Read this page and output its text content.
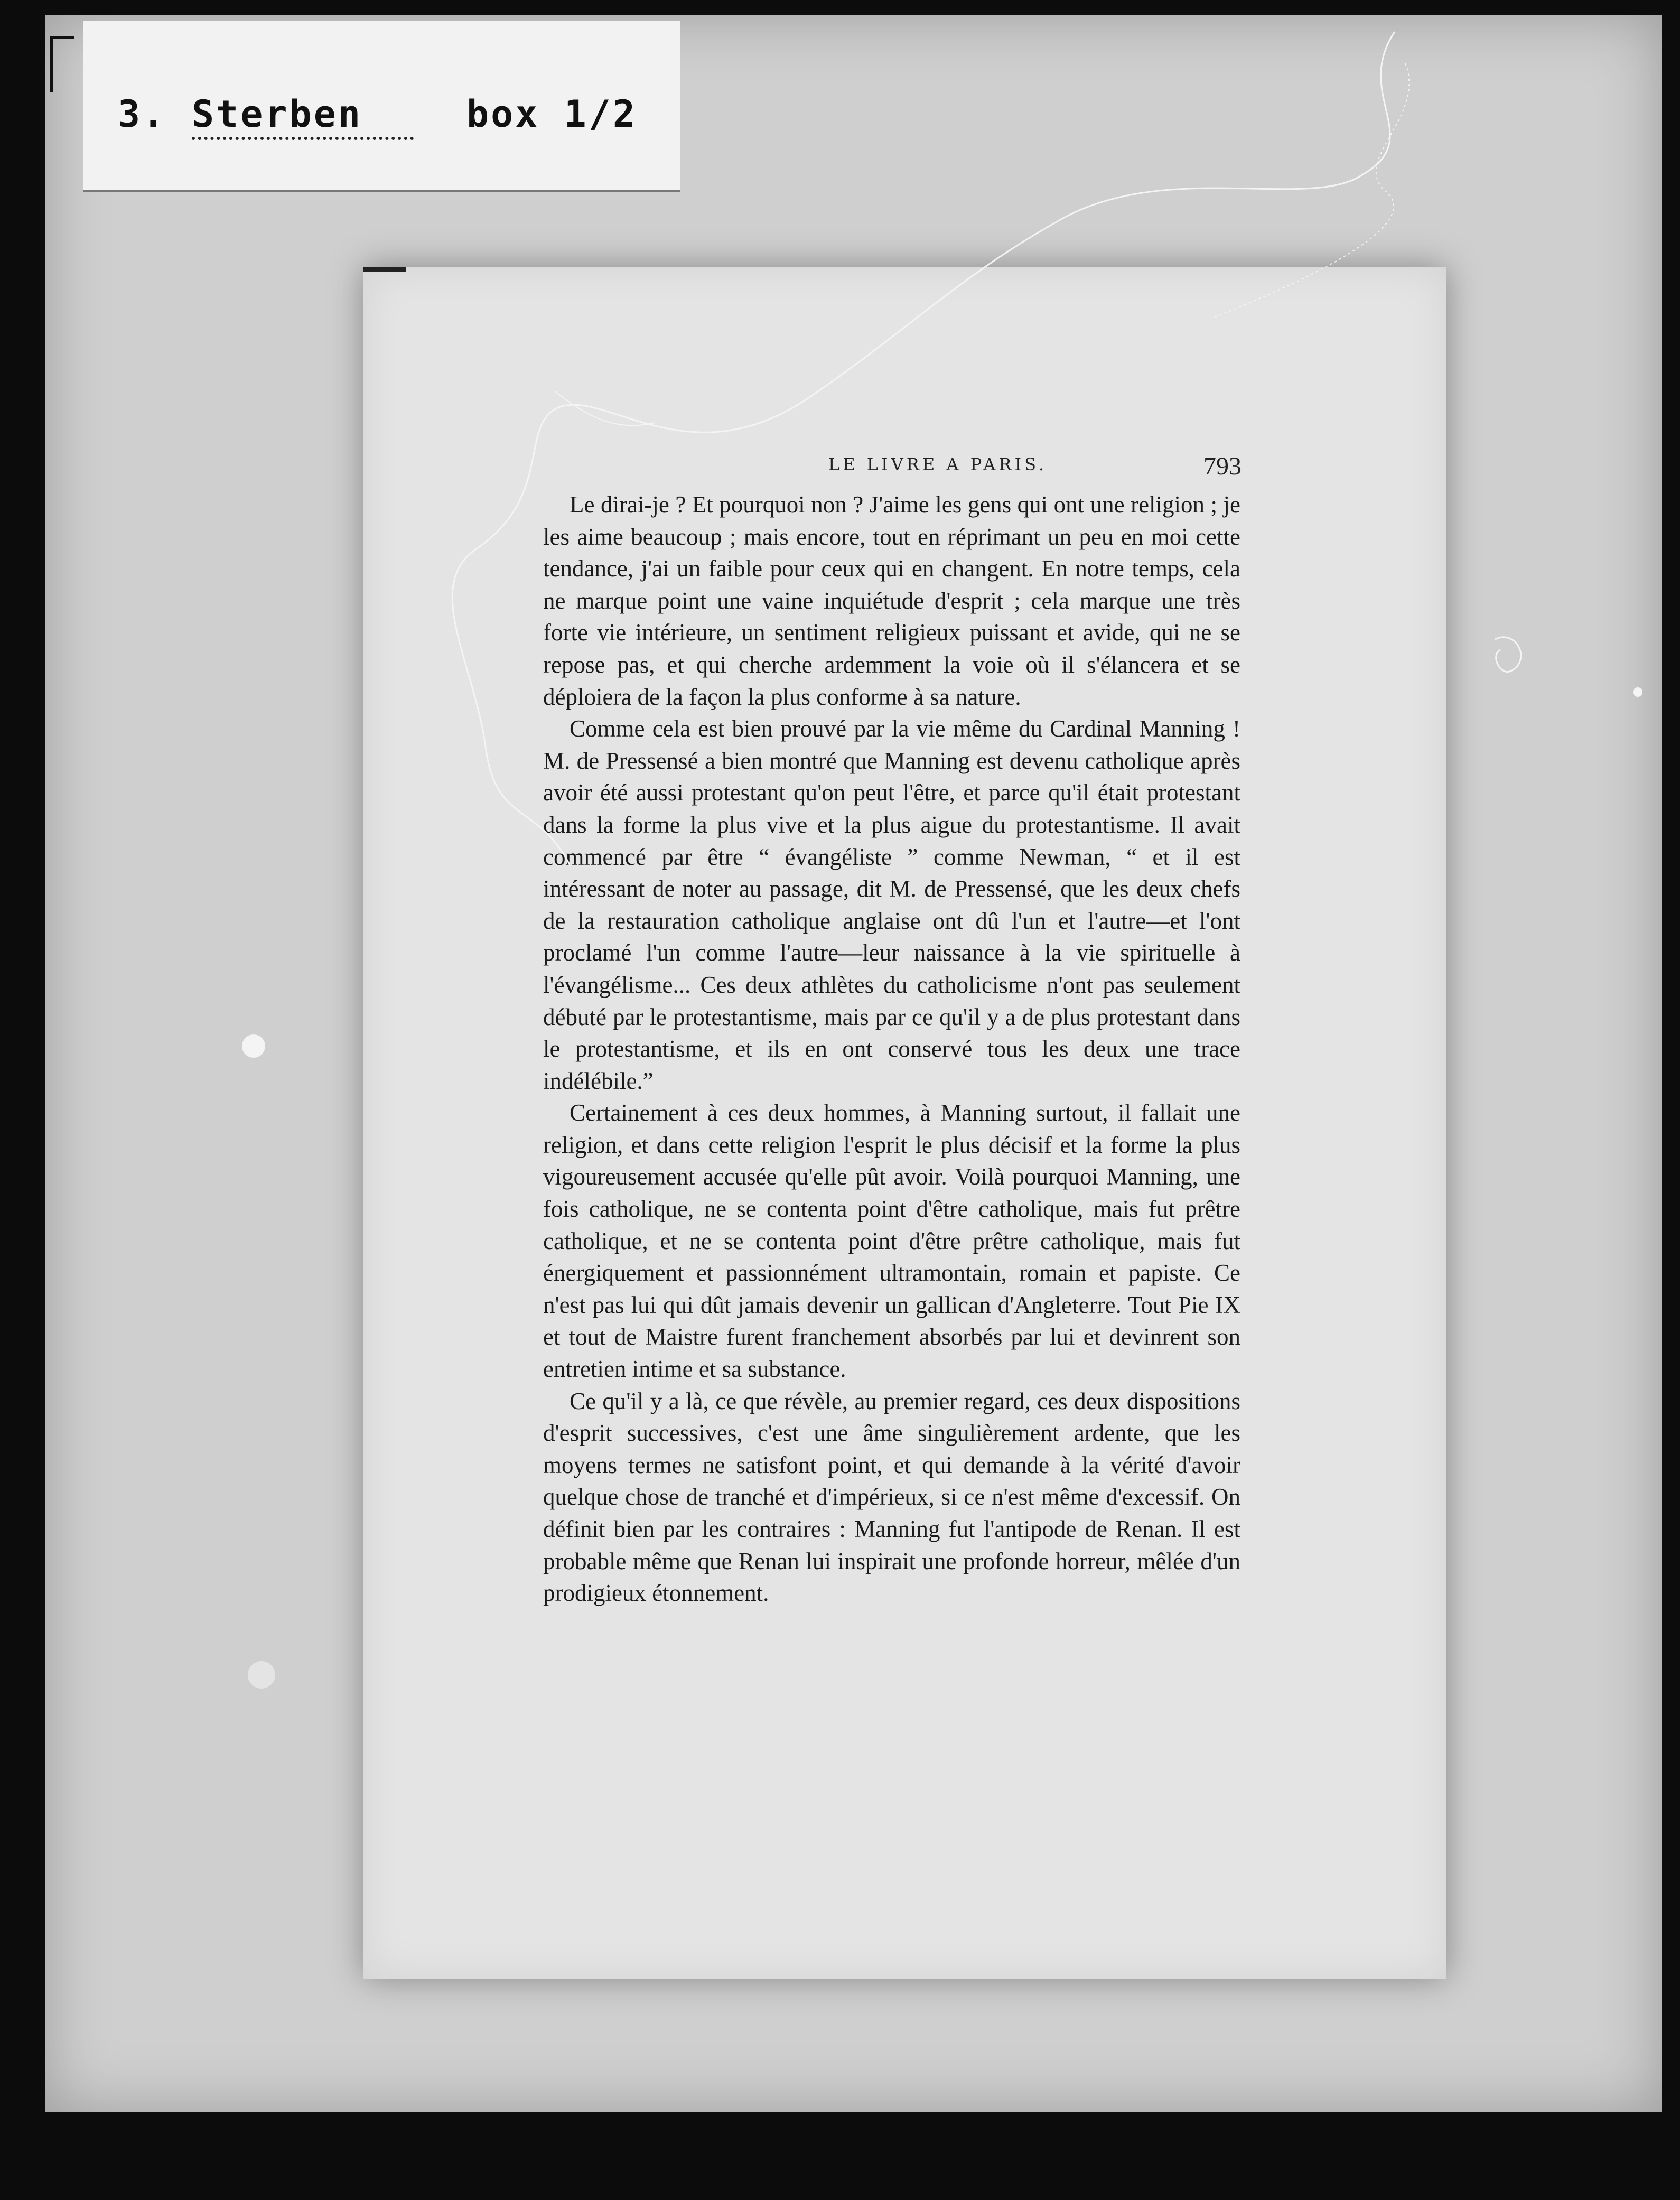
3. Sterben	box 1/2
LE LIVRE A PARIS.	793

Le dirai-je ? Et pourquoi non ? J'aime les gens qui ont une religion ; je les aime beaucoup ; mais encore, tout en réprimant un peu en moi cette tendance, j'ai un faible pour ceux qui en changent. En notre temps, cela ne marque point une vaine inquiétude d'esprit ; cela marque une très forte vie intérieure, un sentiment religieux puissant et avide, qui ne se repose pas, et qui cherche ardemment la voie où il s'élancera et se déploiera de la façon la plus conforme à sa nature.

Comme cela est bien prouvé par la vie même du Cardinal Manning ! M. de Pressensé a bien montré que Manning est devenu catholique après avoir été aussi protestant qu'on peut l'être, et parce qu'il était protestant dans la forme la plus vive et la plus aigue du protestantisme. Il avait commencé par être “ évangéliste ” comme Newman, “ et il est intéressant de noter au passage, dit M. de Pressensé, que les deux chefs de la restauration catholique anglaise ont dû l'un et l'autre—et l'ont proclamé l'un comme l'autre—leur naissance à la vie spirituelle à l'évangélisme... Ces deux athlètes du catholicisme n'ont pas seulement débuté par le protestantisme, mais par ce qu'il y a de plus protestant dans le protestantisme, et ils en ont conservé tous les deux une trace indélébile.”

Certainement à ces deux hommes, à Manning surtout, il fallait une religion, et dans cette religion l'esprit le plus décisif et la forme la plus vigoureusement accusée qu'elle pût avoir. Voilà pourquoi Manning, une fois catholique, ne se contenta point d'être catholique, mais fut prêtre catholique, et ne se contenta point d'être prêtre catholique, mais fut énergiquement et passionnément ultramontain, romain et papiste. Ce n'est pas lui qui dût jamais devenir un gallican d'Angleterre. Tout Pie IX et tout de Maistre furent franchement absorbés par lui et devinrent son entretien intime et sa substance.

Ce qu'il y a là, ce que révèle, au premier regard, ces deux dispositions d'esprit successives, c'est une âme singulièrement ardente, que les moyens termes ne satisfont point, et qui demande à la vérité d'avoir quelque chose de tranché et d'impérieux, si ce n'est même d'excessif. On définit bien par les contraires : Manning fut l'antipode de Renan. Il est probable même que Renan lui inspirait une profonde horreur, mêlée d'un prodigieux étonnement.
